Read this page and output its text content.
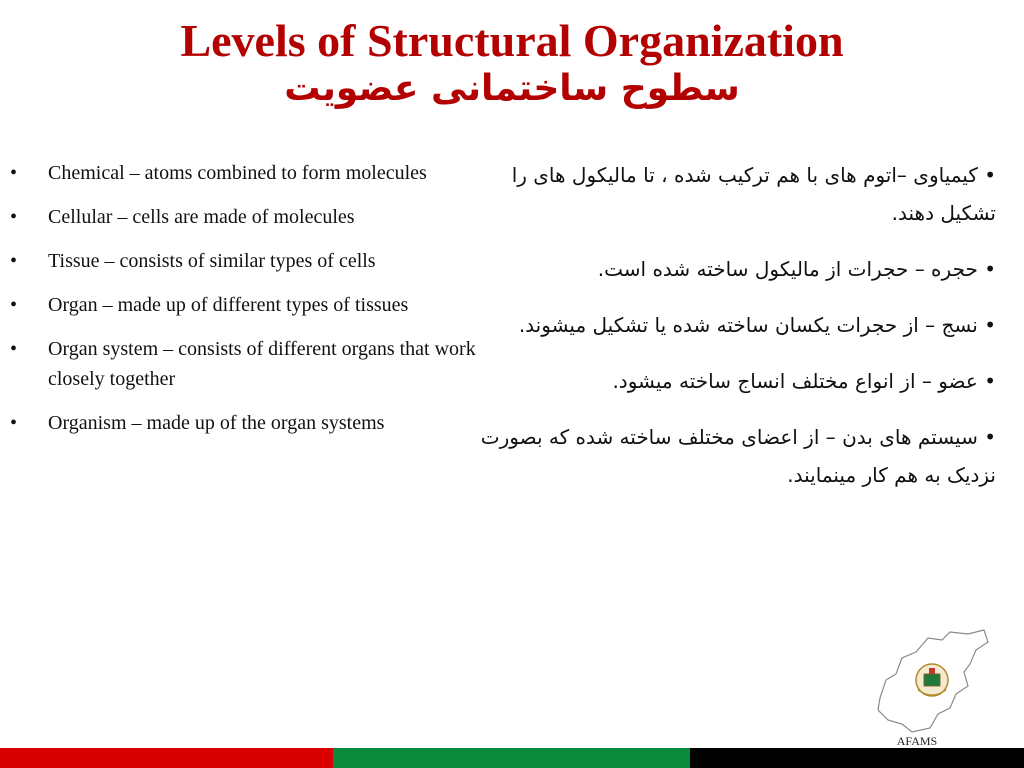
Levels of Structural Organization
سطوح ساختمانی عضویت
• Chemical – atoms combined to form molecules
• Cellular – cells are made of molecules
• Tissue – consists of similar types of cells
• Organ – made up of different types of tissues
• Organ system – consists of different organs that work closely together
• Organism – made up of the organ systems
• کیمیاوی –اتوم های با هم ترکیب شده ، تا مالیکول های را تشکیل دهند.
• حجره – حجرات از مالیکول ساخته شده است.
• نسج – از حجرات یکسان ساخته شده یا تشکیل میشوند.
• عضو – از انواع مختلف انساج ساخته میشود.
• سیستم های بدن – از اعضای مختلف ساخته شده که بصورت نزدیک به هم کار مینمایند.
AFAMS
